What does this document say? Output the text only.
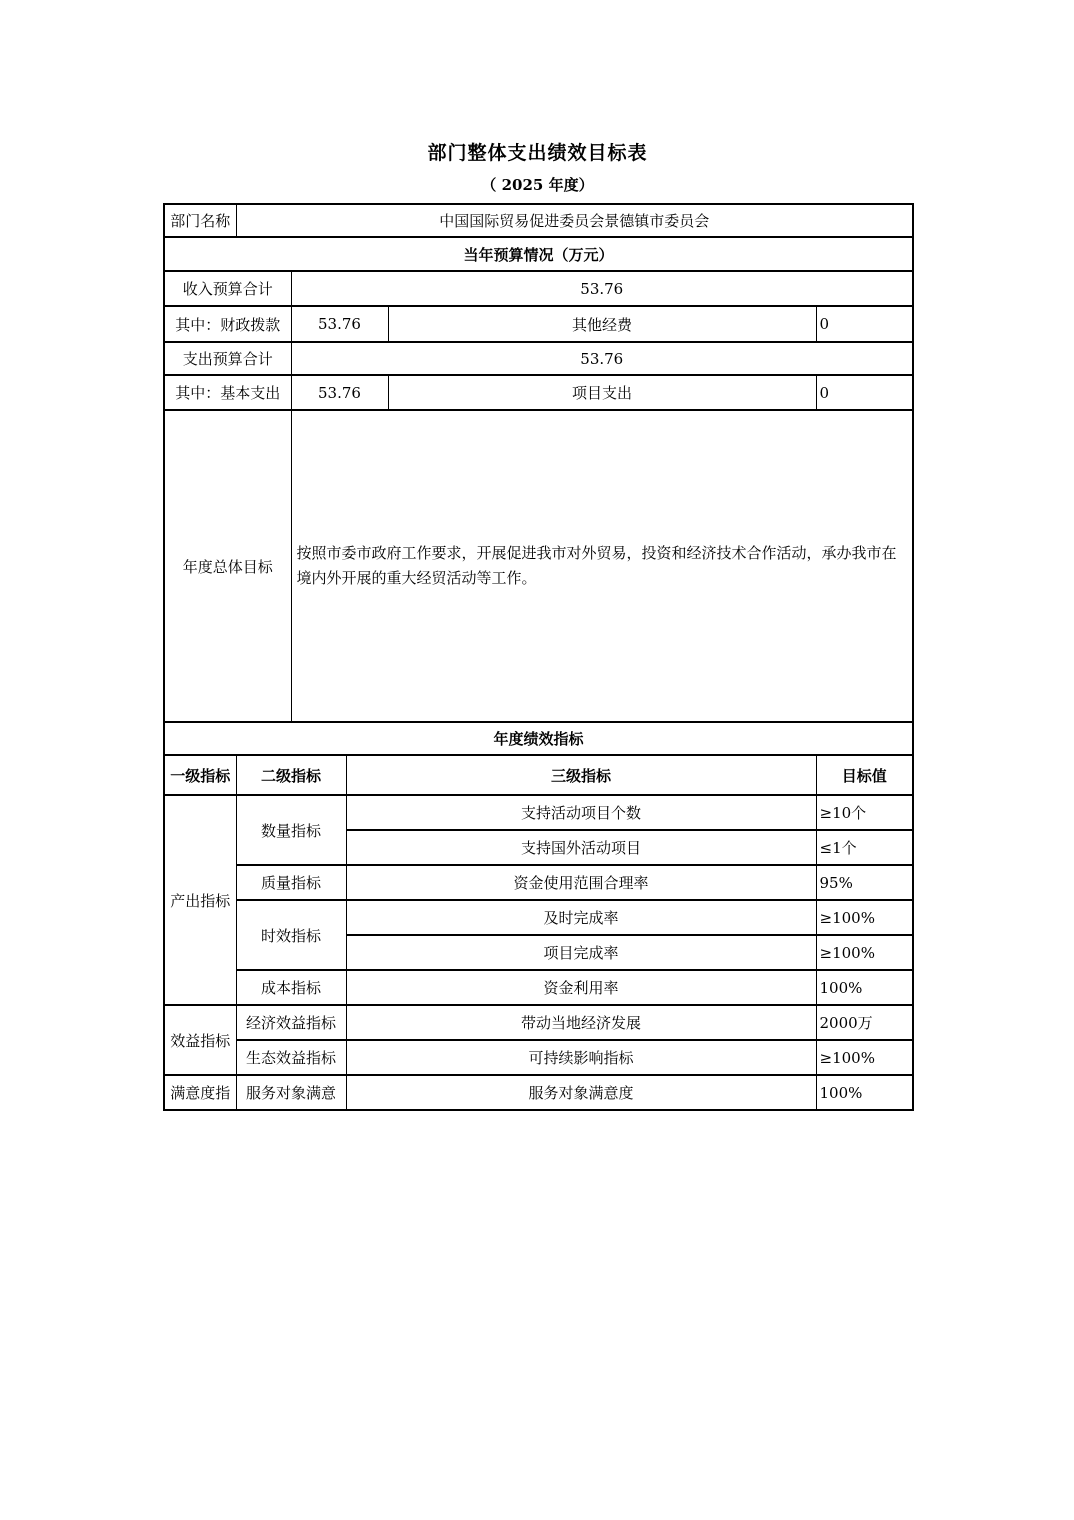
部门整体支出绩效目标表
（ 2025 年度）
部门名称	中国国际贸易促进委员会景德镇市委员会				
当年预算情况（万元）					
收入预算合计		53.76			
其中：财政拨款		53.76		其他经费	0
支出预算合计		53.76			
其中：基本支出		53.76		项目支出	0
年度总体目标		按照市委市政府工作要求，开展促进我市对外贸易，投资和经济技术合作活动，承办我市在境内外开展的重大经贸活动等工作。			
年度绩效指标					
一级指标	二级指标		三级指标		目标值
产出指标	数量指标		支持活动项目个数		≥10个
			支持国外活动项目		≤1个
	质量指标		资金使用范围合理率		95%
	时效指标		及时完成率		≥100%
			项目完成率		≥100%
	成本指标		资金利用率		100%
效益指标	经济效益指标		带动当地经济发展		2000万
	生态效益指标		可持续影响指标		≥100%
满意度指	服务对象满意		服务对象满意度		100%
